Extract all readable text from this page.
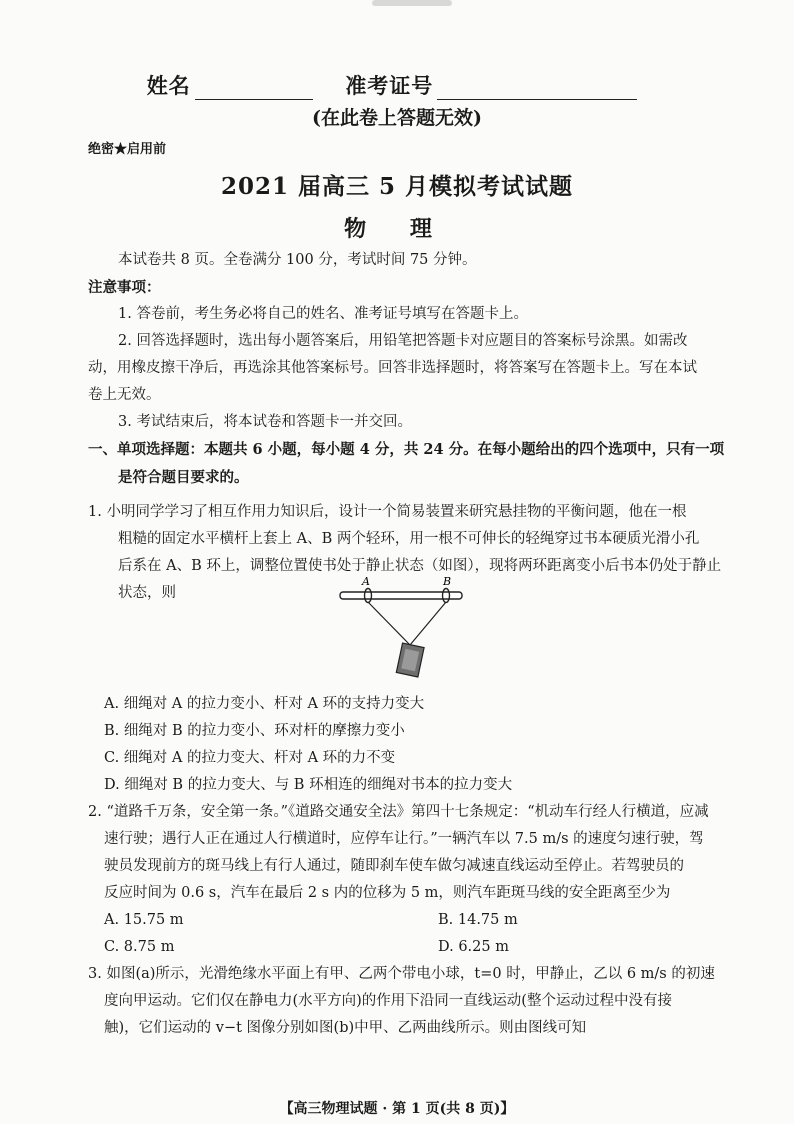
姓名	准考证号
(在此卷上答题无效)
绝密★启用前
2021 届高三 5 月模拟考试试题
物 理
本试卷共 8 页。全卷满分 100 分，考试时间 75 分钟。
注意事项：
1. 答卷前，考生务必将自己的姓名、准考证号填写在答题卡上。
2. 回答选择题时，选出每小题答案后，用铅笔把答题卡对应题目的答案标号涂黑。如需改
动，用橡皮擦干净后，再选涂其他答案标号。回答非选择题时，将答案写在答题卡上。写在本试
卷上无效。
3. 考试结束后，将本试卷和答题卡一并交回。
一、单项选择题：本题共 6 小题，每小题 4 分，共 24 分。在每小题给出的四个选项中，只有一项
是符合题目要求的。
1. 小明同学学习了相互作用力知识后，设计一个简易装置来研究悬挂物的平衡问题，他在一根
粗糙的固定水平横杆上套上 A、B 两个轻环，用一根不可伸长的轻绳穿过书本硬质光滑小孔
后系在 A、B 环上，调整位置使书处于静止状态（如图），现将两环距离变小后书本仍处于静止
状态，则
A	B
A. 细绳对 A 的拉力变小、杆对 A 环的支持力变大
B. 细绳对 B 的拉力变小、环对杆的摩擦力变小
C. 细绳对 A 的拉力变大、杆对 A 环的力不变
D. 细绳对 B 的拉力变大、与 B 环相连的细绳对书本的拉力变大
2. “道路千万条，安全第一条。”《道路交通安全法》第四十七条规定：“机动车行经人行横道，应减
速行驶；遇行人正在通过人行横道时，应停车让行。”一辆汽车以 7.5 m/s 的速度匀速行驶，驾
驶员发现前方的斑马线上有行人通过，随即刹车使车做匀减速直线运动至停止。若驾驶员的
反应时间为 0.6 s，汽车在最后 2 s 内的位移为 5 m，则汽车距斑马线的安全距离至少为
A. 15.75 m	B. 14.75 m
C. 8.75 m	D. 6.25 m
3. 如图(a)所示，光滑绝缘水平面上有甲、乙两个带电小球，t=0 时，甲静止，乙以 6 m/s 的初速
度向甲运动。它们仅在静电力(水平方向)的作用下沿同一直线运动(整个运动过程中没有接
触)，它们运动的 v−t 图像分别如图(b)中甲、乙两曲线所示。则由图线可知
【高三物理试题 · 第 1 页(共 8 页)】
